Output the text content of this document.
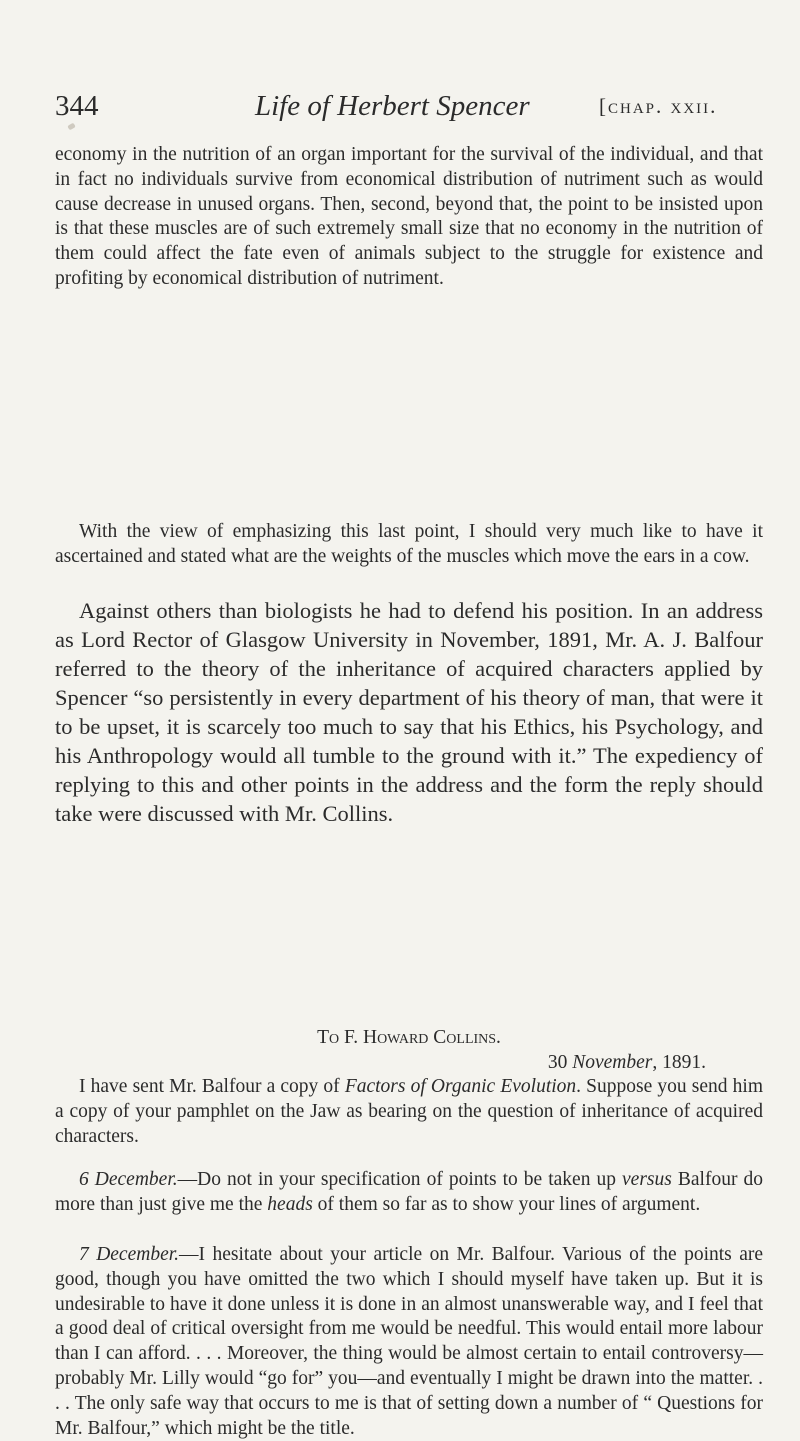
344	Life of Herbert Spencer	[chap. xxii.

economy in the nutrition of an organ important for the survival of the individual, and that in fact no individuals survive from economical distribution of nutriment such as would cause decrease in unused organs. Then, second, beyond that, the point to be insisted upon is that these muscles are of such extremely small size that no economy in the nutrition of them could affect the fate even of animals subject to the struggle for existence and profiting by economical distribution of nutriment.

With the view of emphasizing this last point, I should very much like to have it ascertained and stated what are the weights of the muscles which move the ears in a cow.

Against others than biologists he had to defend his position. In an address as Lord Rector of Glasgow University in November, 1891, Mr. A. J. Balfour referred to the theory of the inheritance of acquired characters applied by Spencer “so persistently in every department of his theory of man, that were it to be upset, it is scarcely too much to say that his Ethics, his Psychology, and his Anthropology would all tumble to the ground with it.” The expediency of replying to this and other points in the address and the form the reply should take were discussed with Mr. Collins.

To F. Howard Collins.
30 November, 1891.

I have sent Mr. Balfour a copy of Factors of Organic Evolution. Suppose you send him a copy of your pamphlet on the Jaw as bearing on the question of inheritance of acquired characters.

6 December.—Do not in your specification of points to be taken up versus Balfour do more than just give me the heads of them so far as to show your lines of argument.

7 December.—I hesitate about your article on Mr. Balfour. Various of the points are good, though you have omitted the two which I should myself have taken up. But it is undesirable to have it done unless it is done in an almost unanswerable way, and I feel that a good deal of critical oversight from me would be needful. This would entail more labour than I can afford. . . . Moreover, the thing would be almost certain to entail controversy—probably Mr. Lilly would “go for” you—and eventually I might be drawn into the matter. . . . The only safe way that occurs to me is that of setting down a number of “ Questions for Mr. Balfour,” which might be the title.
